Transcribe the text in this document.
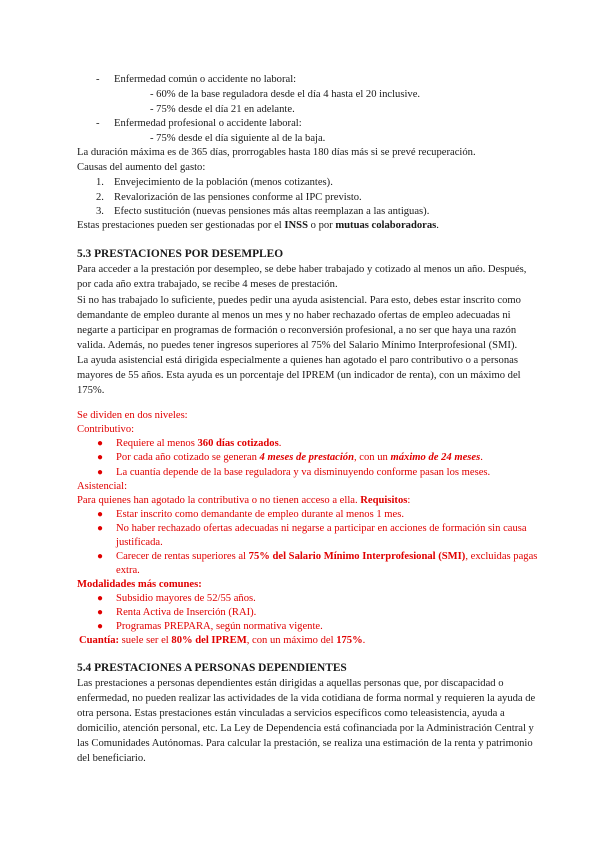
- Enfermedad común o accidente no laboral:
- 60% de la base reguladora desde el día 4 hasta el 20 inclusive.
- 75% desde el día 21 en adelante.
- Enfermedad profesional o accidente laboral:
- 75% desde el día siguiente al de la baja.
La duración máxima es de 365 días, prorrogables hasta 180 días más si se prevé recuperación.
Causas del aumento del gasto:
1. Envejecimiento de la población (menos cotizantes).
2. Revalorización de las pensiones conforme al IPC previsto.
3. Efecto sustitución (nuevas pensiones más altas reemplazan a las antiguas).
Estas prestaciones pueden ser gestionadas por el INSS o por mutuas colaboradoras.
5.3 PRESTACIONES POR DESEMPLEO
Para acceder a la prestación por desempleo, se debe haber trabajado y cotizado al menos un año. Después,
por cada año extra trabajado, se recibe 4 meses de prestación.
Si no has trabajado lo suficiente, puedes pedir una ayuda asistencial. Para esto, debes estar inscrito como
demandante de empleo durante al menos un mes y no haber rechazado ofertas de empleo adecuadas ni
negarte a participar en programas de formación o reconversión profesional, a no ser que haya una razón
valida. Además, no puedes tener ingresos superiores al 75% del Salario Mínimo Interprofesional (SMI).
La ayuda asistencial está dirigida especialmente a quienes han agotado el paro contributivo o a personas
mayores de 55 años. Esta ayuda es un porcentaje del IPREM (un indicador de renta), con un máximo del
175%.
Se dividen en dos niveles:
Contributivo:
● Requiere al menos 360 días cotizados.
● Por cada año cotizado se generan 4 meses de prestación, con un máximo de 24 meses.
● La cuantía depende de la base reguladora y va disminuyendo conforme pasan los meses.
Asistencial:
Para quienes han agotado la contributiva o no tienen acceso a ella. Requisitos:
● Estar inscrito como demandante de empleo durante al menos 1 mes.
● No haber rechazado ofertas adecuadas ni negarse a participar en acciones de formación sin causa
justificada.
● Carecer de rentas superiores al 75% del Salario Mínimo Interprofesional (SMI), excluidas pagas
extra.
Modalidades más comunes:
● Subsidio mayores de 52/55 años.
● Renta Activa de Inserción (RAI).
● Programas PREPARA, según normativa vigente.
Cuantía: suele ser el 80% del IPREM, con un máximo del 175%.
5.4 PRESTACIONES A PERSONAS DEPENDIENTES
Las prestaciones a personas dependientes están dirigidas a aquellas personas que, por discapacidad o
enfermedad, no pueden realizar las actividades de la vida cotidiana de forma normal y requieren la ayuda de
otra persona. Estas prestaciones están vinculadas a servicios específicos como teleasistencia, ayuda a
domicilio, atención personal, etc. La Ley de Dependencia está cofinanciada por la Administración Central y
las Comunidades Autónomas. Para calcular la prestación, se realiza una estimación de la renta y patrimonio
del beneficiario.
